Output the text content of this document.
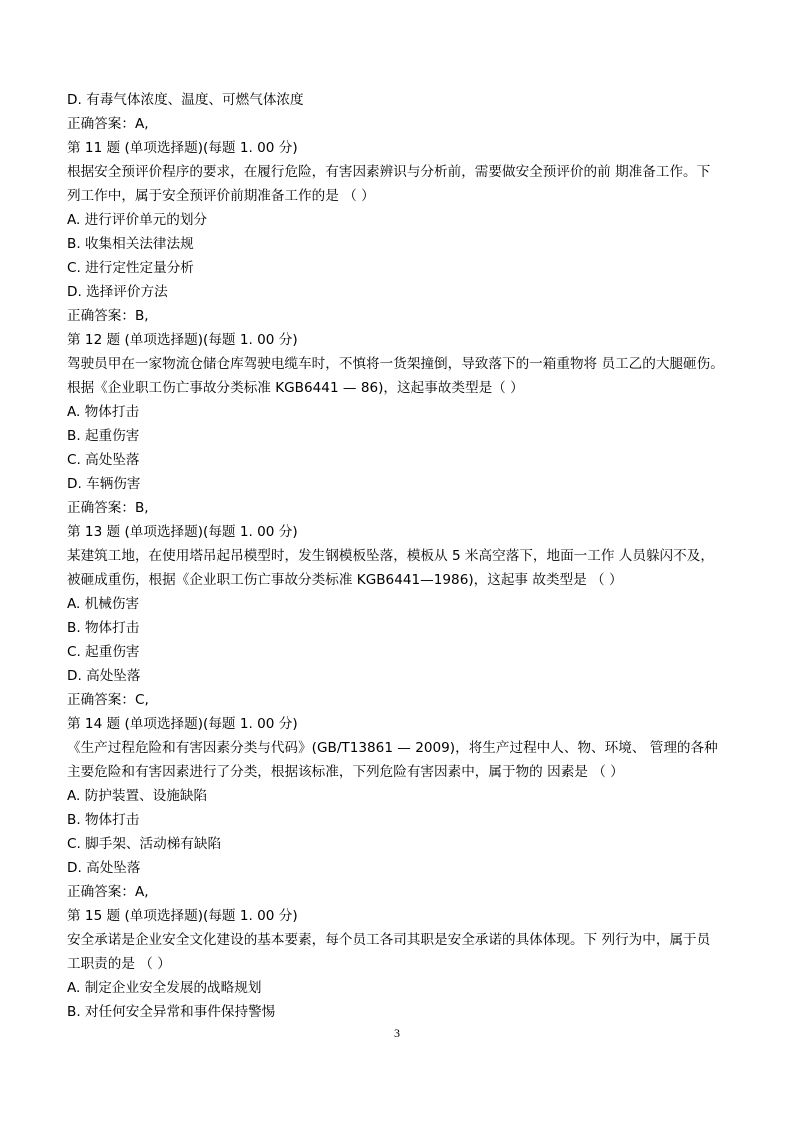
D. 有毒气体浓度、温度、可燃气体浓度
正确答案：A,
第 11 题 (单项选择题)(每题 1. 00 分)
根据安全预评价程序的要求，在履行危险，有害因素辨识与分析前，需要做安全预评价的前 期准备工作。下
列工作中，属于安全预评价前期准备工作的是 （ ）
A. 进行评价单元的划分
B. 收集相关法律法规
C. 进行定性定量分析
D. 选择评价方法
正确答案：B,
第 12 题 (单项选择题)(每题 1. 00 分)
驾驶员甲在一家物流仓储仓库驾驶电缆车时，不慎将一货架撞倒，导致落下的一箱重物将 员工乙的大腿砸伤。
根据《企业职工伤亡事故分类标准 KGB6441 — 86)，这起事故类型是（ ）
A. 物体打击
B. 起重伤害
C. 高处坠落
D. 车辆伤害
正确答案：B,
第 13 题 (单项选择题)(每题 1. 00 分)
某建筑工地，在使用塔吊起吊模型时，发生钢模板坠落，模板从 5 米高空落下，地面一工作 人员躲闪不及，
被砸成重伤，根据《企业职工伤亡事故分类标准 KGB6441—1986)，这起事 故类型是 （ ）
A. 机械伤害
B. 物体打击
C. 起重伤害
D. 高处坠落
正确答案：C,
第 14 题 (单项选择题)(每题 1. 00 分)
《生产过程危险和有害因素分类与代码》(GB/T13861 — 2009)，将生产过程中人、物、环境、 管理的各种
主要危险和有害因素进行了分类，根据该标准，下列危险有害因素中，属于物的 因素是 （ ）
A. 防护装置、设施缺陷
B. 物体打击
C. 脚手架、活动梯有缺陷
D. 高处坠落
正确答案：A,
第 15 题 (单项选择题)(每题 1. 00 分)
安全承诺是企业安全文化建设的基本要素，每个员工各司其职是安全承诺的具体体现。下 列行为中，属于员
工职责的是 （ ）
A. 制定企业安全发展的战略规划
B. 对任何安全异常和事件保持警惕
3
